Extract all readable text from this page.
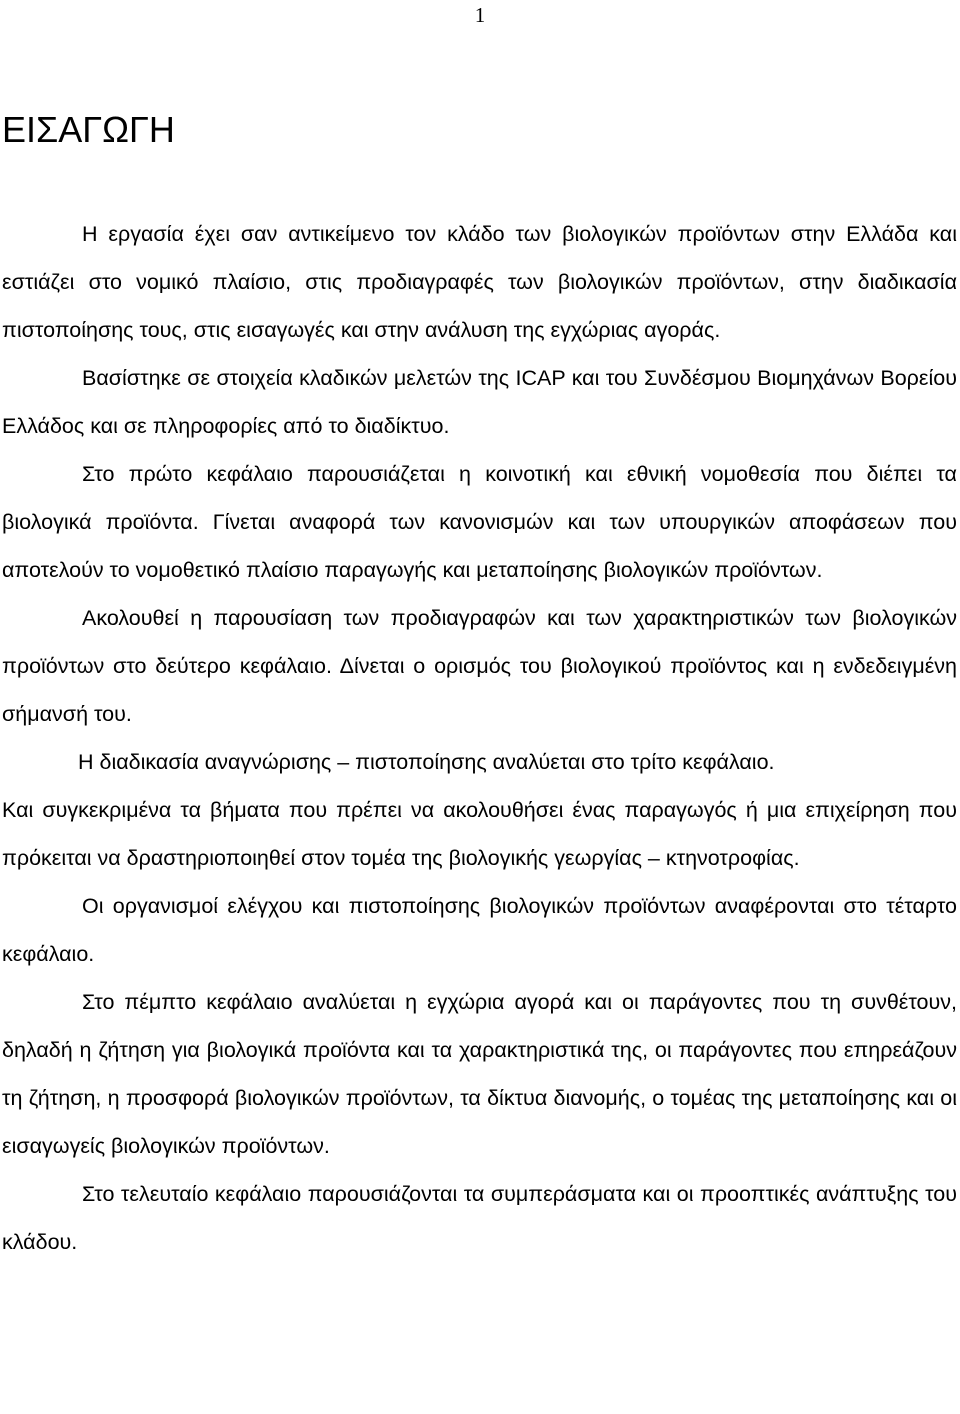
1
ΕΙΣΑΓΩΓΗ

Η εργασία έχει σαν αντικείμενο τον κλάδο των βιολογικών προϊόντων στην Ελλάδα και εστιάζει στο νομικό πλαίσιο, στις προδιαγραφές των βιολογικών προϊόντων, στην διαδικασία πιστοποίησης τους, στις εισαγωγές και στην ανάλυση της εγχώριας αγοράς.

Βασίστηκε σε στοιχεία κλαδικών μελετών της ICAP και του Συνδέσμου Βιομηχάνων Βορείου Ελλάδος και σε πληροφορίες από το διαδίκτυο.

Στο πρώτο κεφάλαιο παρουσιάζεται η κοινοτική και εθνική νομοθεσία που διέπει τα βιολογικά προϊόντα. Γίνεται αναφορά των κανονισμών και των υπουργικών αποφάσεων που αποτελούν το νομοθετικό πλαίσιο παραγωγής και μεταποίησης βιολογικών προϊόντων.

Ακολουθεί η παρουσίαση των προδιαγραφών και των χαρακτηριστικών των βιολογικών προϊόντων στο δεύτερο κεφάλαιο. Δίνεται ο ορισμός του βιολογικού προϊόντος και η ενδεδειγμένη σήμανσή του.

Η διαδικασία αναγνώρισης – πιστοποίησης αναλύεται στο τρίτο κεφάλαιο.

Και συγκεκριμένα τα βήματα που πρέπει να ακολουθήσει ένας παραγωγός ή μια επιχείρηση που πρόκειται να δραστηριοποιηθεί στον τομέα της βιολογικής γεωργίας – κτηνοτροφίας.

Οι οργανισμοί ελέγχου και πιστοποίησης βιολογικών προϊόντων αναφέρονται στο τέταρτο κεφάλαιο.

Στο πέμπτο κεφάλαιο αναλύεται η εγχώρια αγορά και οι παράγοντες που τη συνθέτουν, δηλαδή η ζήτηση για βιολογικά προϊόντα και τα χαρακτηριστικά της, οι παράγοντες που επηρεάζουν τη ζήτηση, η προσφορά βιολογικών προϊόντων, τα δίκτυα διανομής, ο τομέας της μεταποίησης και οι εισαγωγείς βιολογικών προϊόντων.

Στο τελευταίο κεφάλαιο παρουσιάζονται τα συμπεράσματα και οι προοπτικές ανάπτυξης του κλάδου.
